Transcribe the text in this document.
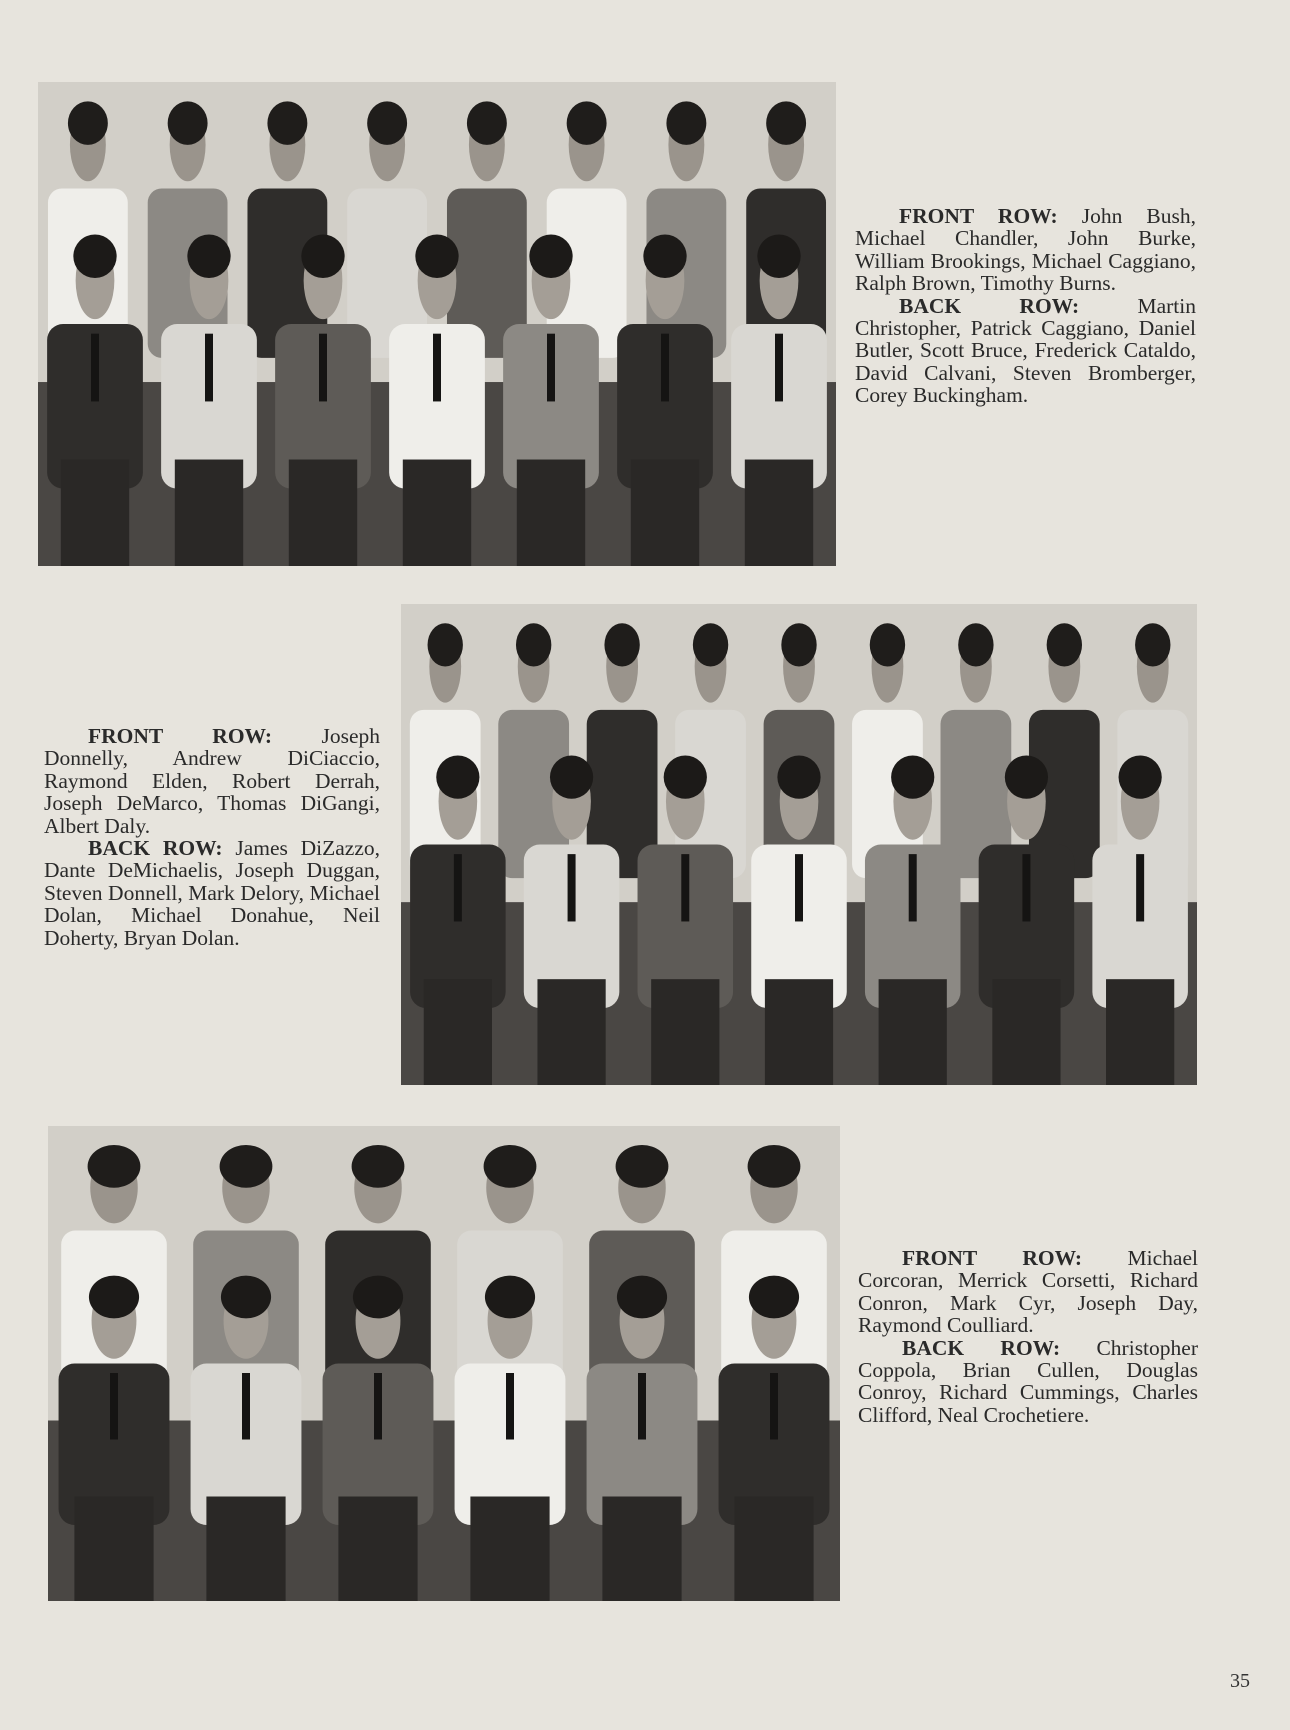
FRONT ROW: John Bush, Michael Chandler, John Burke, William Brookings, Michael Caggiano, Ralph Brown, Timothy Burns.

BACK ROW:	Martin Christopher, Patrick Caggiano, Daniel Butler, Scott Bruce, Frederick Cataldo, David Calvani, Steven Bromberger, Corey Buckingham.

FRONT ROW: Joseph Donnelly, Andrew DiCiaccio, Raymond Elden, Robert Derrah, Joseph DeMarco, Thomas DiGangi, Albert Daly.

BACK ROW: James DiZazzo, Dante DeMichaelis, Joseph Duggan, Steven Donnell, Mark Delory, Michael Dolan, Michael Donahue, Neil Doherty, Bryan Dolan.

FRONT ROW: Michael Corcoran, Merrick Corsetti, Richard Conron, Mark Cyr, Joseph Day, Raymond Coulliard.

BACK ROW: Christopher Coppola, Brian Cullen, Douglas Conroy, Richard Cummings, Charles Clifford, Neal Crochetiere.

35
